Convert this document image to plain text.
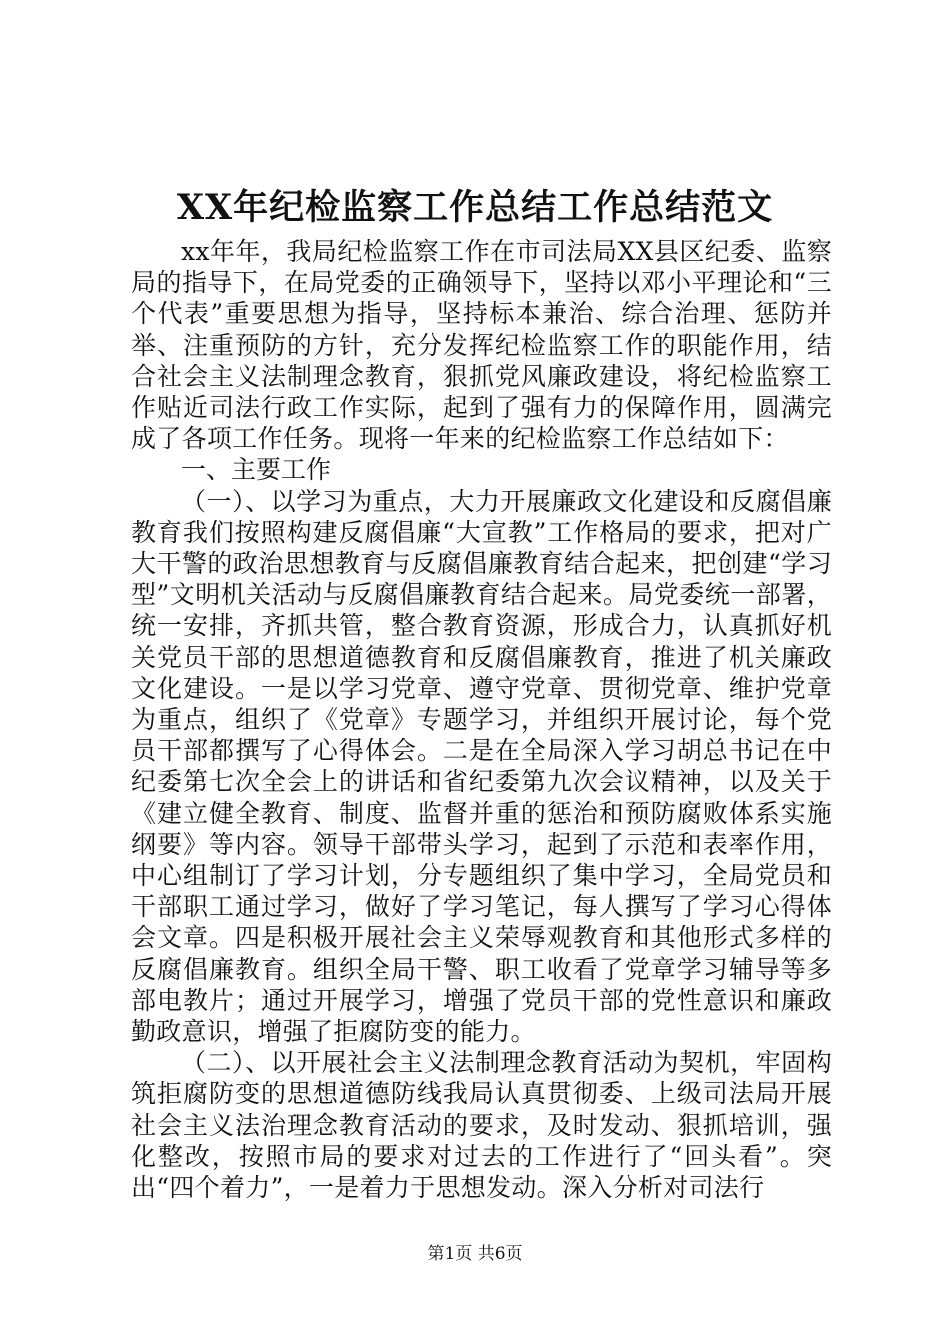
XX年纪检监察工作总结工作总结范文

xx年年，我局纪检监察工作在市司法局XX县区纪委、监察局的指导下，在局党委的正确领导下，坚持以邓小平理论和“三个代表”重要思想为指导，坚持标本兼治、综合治理、惩防并举、注重预防的方针，充分发挥纪检监察工作的职能作用，结合社会主义法制理念教育，狠抓党风廉政建设，将纪检监察工作贴近司法行政工作实际，起到了强有力的保障作用，圆满完成了各项工作任务。现将一年来的纪检监察工作总结如下：

一、主要工作

（一）、以学习为重点，大力开展廉政文化建设和反腐倡廉教育我们按照构建反腐倡廉“大宣教”工作格局的要求，把对广大干警的政治思想教育与反腐倡廉教育结合起来，把创建“学习型”文明机关活动与反腐倡廉教育结合起来。局党委统一部署，统一安排，齐抓共管，整合教育资源，形成合力，认真抓好机关党员干部的思想道德教育和反腐倡廉教育，推进了机关廉政文化建设。一是以学习党章、遵守党章、贯彻党章、维护党章为重点，组织了《党章》专题学习，并组织开展讨论，每个党员干部都撰写了心得体会。二是在全局深入学习胡总书记在中纪委第七次全会上的讲话和省纪委第九次会议精神，以及关于《建立健全教育、制度、监督并重的惩治和预防腐败体系实施纲要》等内容。领导干部带头学习，起到了示范和表率作用，中心组制订了学习计划，分专题组织了集中学习，全局党员和干部职工通过学习，做好了学习笔记，每人撰写了学习心得体会文章。四是积极开展社会主义荣辱观教育和其他形式多样的反腐倡廉教育。组织全局干警、职工收看了党章学习辅导等多部电教片；通过开展学习，增强了党员干部的党性意识和廉政勤政意识，增强了拒腐防变的能力。

（二）、以开展社会主义法制理念教育活动为契机，牢固构筑拒腐防变的思想道德防线我局认真贯彻委、上级司法局开展社会主义法治理念教育活动的要求，及时发动、狠抓培训，强化整改，按照市局的要求对过去的工作进行了“回头看”。突出“四个着力”，一是着力于思想发动。深入分析对司法行

第1页 共6页
